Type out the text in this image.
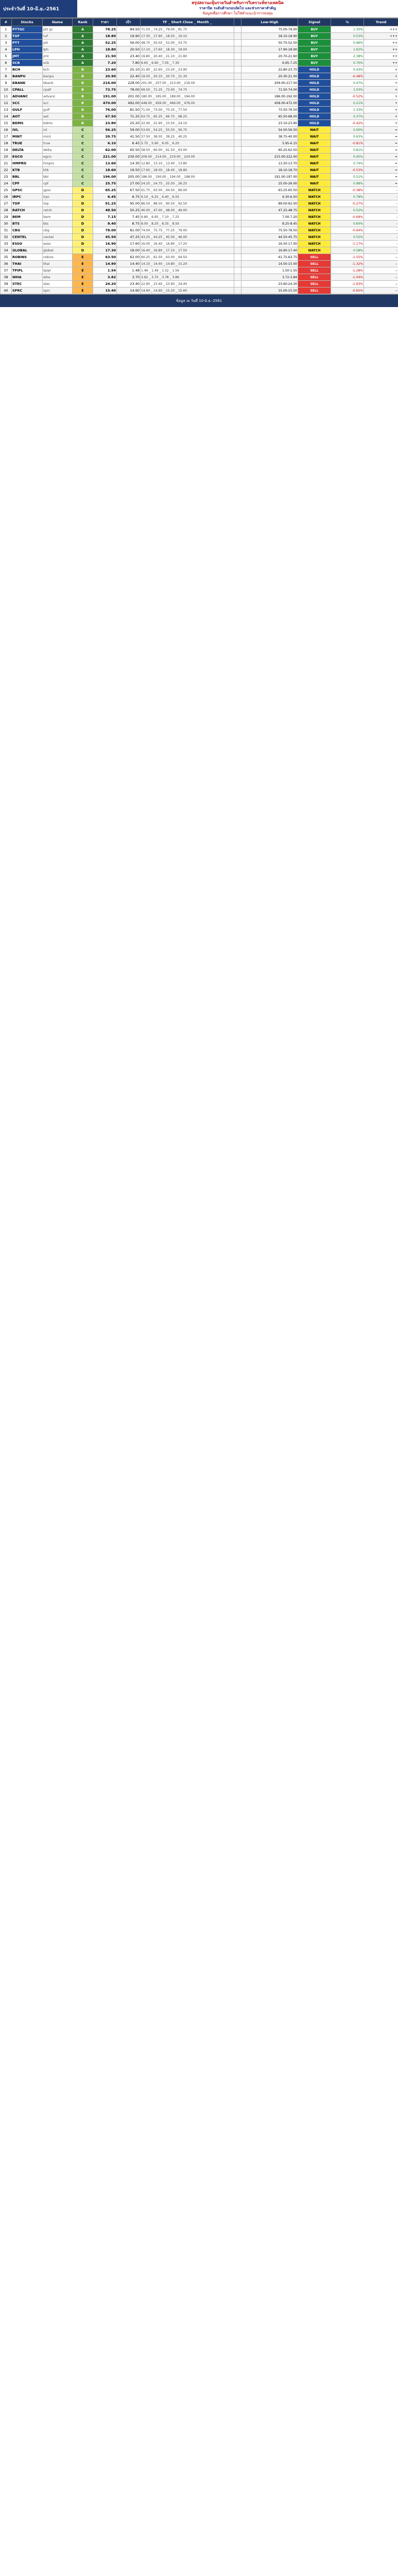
ประจำวันที่ 10-มิ.ย.-2561
สรุปสถานะหุ้นรายวันสำหรับการวิเคราะห์ทางเทคนิค
ราคาปิด ระดับต้านรอบถัดไป และช่วงราคาสำคัญ
ข้อมูลเพื่อการศึกษา ไม่ใช่คำแนะนำการลงทุน
#	Stocks	Name	Rank	ราคา	เป้า	TF _ Short Close _ Month _		Low-High	Signal	%	Trend
1	PTTGC	ptt gc	A	78.25	84.50	71.50 _ 74.25 _ 79.00 _ 81.75		75.00-79.00	BUY	1.30%	+++
2	TUF	tuf	A	18.80	19.90	17.30 _ 17.90 _ 18.50 _ 19.10		18.10-18.90	BUY	0.53%	+++
3	PTT	ptt	A	52.25	56.00	48.75 _ 50.50 _ 52.00 _ 53.75		50.75-52.50	BUY	0.96%	++
4	LPH	lph	A	18.80	20.50	17.10 _ 17.60 _ 18.30 _ 19.00		17.90-18.90	BUY	1.62%	++
5	JMT	jmt	A	21.50	23.40	19.80 _ 20.40 _ 21.10 _ 21.80		20.70-21.60	BUY	2.38%	++
6	SCB	scb	A	7.20	7.80	6.65 _ 6.90 _ 7.05 _ 7.30		6.95-7.25	BUY	0.70%	++
7	BCH	bch	B	23.60	25.10	21.90 _ 22.60 _ 23.20 _ 23.90		22.80-23.70	HOLD	0.43%	+
8	BANPU	banpu	B	20.90	22.40	19.50 _ 20.10 _ 20.70 _ 21.30		20.30-21.00	HOLD	-0.48%	+
9	KBANK	kbank	B	216.00	228.00	201.00 _ 207.00 _ 213.00 _ 219.00		209.00-217.00	HOLD	0.47%	+
10	CPALL	cpall	B	73.75	78.00	69.50 _ 71.25 _ 73.00 _ 74.75		71.50-74.00	HOLD	1.03%	+
11	ADVANC	advanc	B	191.00	201.00	180.00 _ 185.00 _ 189.00 _ 194.00		186.00-192.00	HOLD	-0.52%	+
12	SCC	scc	B	470.00	492.00	448.00 _ 456.00 _ 466.00 _ 476.00		458.00-472.00	HOLD	0.21%	+
13	GULF	gulf	B	76.00	81.50	71.00 _ 73.00 _ 75.25 _ 77.50		73.50-76.50	HOLD	1.33%	+
14	AOT	aot	B	67.50	71.25	63.75 _ 65.25 _ 66.75 _ 68.25		65.50-68.00	HOLD	0.37%	+
15	BDMS	bdms	B	23.80	25.20	22.40 _ 22.90 _ 23.50 _ 24.10		23.10-23.90	HOLD	-0.42%	+
16	IVL	ivl	C	56.25	59.00	53.00 _ 54.25 _ 55.50 _ 56.75		54.50-56.50	WAIT	0.00%	=
17	MINT	mint	C	39.75	41.50	37.50 _ 38.50 _ 39.25 _ 40.25		38.75-40.00	WAIT	0.63%	=
18	TRUE	true	C	6.10	6.45	5.75 _ 5.90 _ 6.05 _ 6.20		5.95-6.15	WAIT	-0.81%	=
19	DELTA	delta	C	62.00	65.50	58.50 _ 60.00 _ 61.50 _ 63.00		60.25-62.50	WAIT	0.81%	=
20	EGCO	egco	C	221.00	230.00	209.00 _ 214.00 _ 219.00 _ 224.00		215.00-222.00	WAIT	0.45%	=
21	HMPRO	hmpro	C	13.60	14.30	12.80 _ 13.10 _ 13.40 _ 13.80		13.20-13.70	WAIT	0.74%	=
22	KTB	ktb	C	18.60	19.50	17.60 _ 18.00 _ 18.40 _ 18.80		18.10-18.70	WAIT	-0.53%	=
23	BBL	bbl	C	196.00	205.00	186.00 _ 190.00 _ 194.00 _ 198.00		191.00-197.00	WAIT	0.51%	=
24	CPF	cpf	C	25.75	27.00	24.25 _ 24.75 _ 25.50 _ 26.25		25.00-26.00	WAIT	0.98%	=
25	GPSC	gpsc	D	65.25	67.50	61.75 _ 63.00 _ 64.50 _ 66.00		63.25-65.50	WATCH	-0.38%	-
26	IRPC	irpc	D	6.45	6.75	6.10 _ 6.25 _ 6.40 _ 6.55		6.30-6.50	WATCH	0.78%	-
27	TOP	top	D	91.25	95.00	86.50 _ 88.50 _ 90.50 _ 92.50		89.00-92.00	WATCH	-0.27%	-
28	RATCH	ratch	D	48.50	50.25	46.00 _ 47.00 _ 48.00 _ 49.00		47.25-48.75	WATCH	0.52%	-
29	BEM	bem	D	7.15	7.45	6.80 _ 6.95 _ 7.10 _ 7.25		7.00-7.20	WATCH	-0.69%	-
30	BTS	bts	D	8.40	8.75	8.00 _ 8.20 _ 8.35 _ 8.50		8.25-8.45	WATCH	0.60%	-
31	CBG	cbg	D	78.00	81.00	74.00 _ 75.75 _ 77.25 _ 79.00		75.50-78.50	WATCH	-0.64%	-
32	CENTEL	centel	D	45.50	47.25	43.25 _ 44.25 _ 45.00 _ 46.00		44.50-45.75	WATCH	0.55%	-
33	ESSO	esso	D	16.90	17.60	16.00 _ 16.40 _ 16.80 _ 17.20		16.50-17.00	WATCH	-1.17%	-
34	GLOBAL	global	D	17.30	18.00	16.40 _ 16.80 _ 17.10 _ 17.50		16.90-17.40	WATCH	0.58%	-
35	ROBINS	robins	E	63.50	62.00	60.25 _ 61.50 _ 63.00 _ 64.50		61.75-63.75	SELL	-1.55%	--
36	THAI	thai	E	14.90	14.40	14.10 _ 14.40 _ 14.80 _ 15.20		14.50-15.00	SELL	-1.32%	--
37	TPIPL	tpipl	E	1.54	1.48	1.46 _ 1.49 _ 1.52 _ 1.56		1.50-1.55	SELL	-1.28%	--
38	WHA	wha	E	3.82	3.70	3.62 _ 3.70 _ 3.78 _ 3.86		3.72-3.84	SELL	-1.04%	--
39	STEC	stec	E	24.20	23.40	22.90 _ 23.40 _ 23.90 _ 24.40		23.60-24.30	SELL	-1.63%	--
40	SPRC	sprc	E	15.40	14.90	14.60 _ 14.90 _ 15.20 _ 15.60		15.00-15.50	SELL	-0.65%	--
ข้อมูล ณ วันที่ 10-มิ.ย.-2561
